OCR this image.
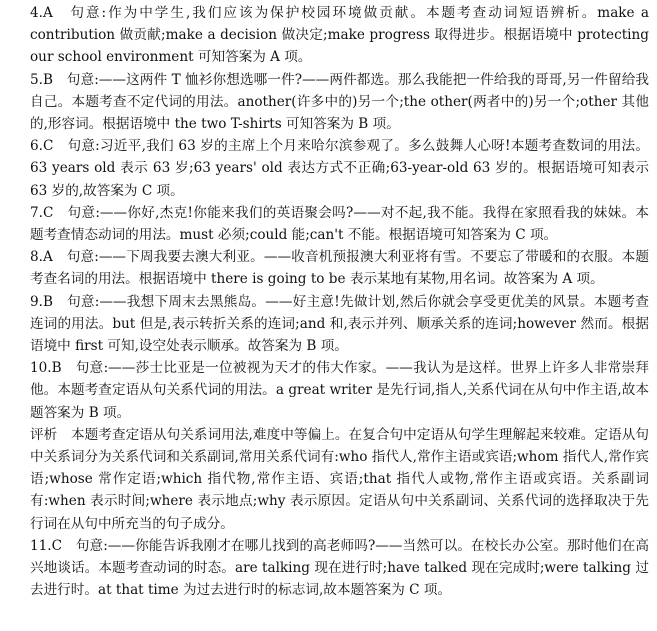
4.A　句意:作为中学生,我们应该为保护校园环境做贡献。本题考查动词短语辨析。make a contribution 做贡献;make a decision 做决定;make progress 取得进步。根据语境中 protecting our school environment 可知答案为 A 项。

5.B　句意:——这两件 T 恤衫你想选哪一件?——两件都选。那么我能把一件给我的哥哥,另一件留给我自己。本题考查不定代词的用法。another(许多中的)另一个;the other(两者中的)另一个;other 其他的,形容词。根据语境中 the two T-shirts 可知答案为 B 项。

6.C　句意:习近平,我们 63 岁的主席上个月来哈尔滨参观了。多么鼓舞人心呀!本题考查数词的用法。63 years old 表示 63 岁;63 years' old 表达方式不正确;63-year-old 63 岁的。根据语境可知表示 63 岁的,故答案为 C 项。

7.C　句意:——你好,杰克!你能来我们的英语聚会吗?——对不起,我不能。我得在家照看我的妹妹。本题考查情态动词的用法。must 必须;could 能;can't 不能。根据语境可知答案为 C 项。

8.A　句意:——下周我要去澳大利亚。——收音机预报澳大利亚将有雪。不要忘了带暖和的衣服。本题考查名词的用法。根据语境中 there is going to be 表示某地有某物,用名词。故答案为 A 项。

9.B　句意:——我想下周末去黑熊岛。——好主意!先做计划,然后你就会享受更优美的风景。本题考查连词的用法。but 但是,表示转折关系的连词;and 和,表示并列、顺承关系的连词;however 然而。根据语境中 first 可知,设空处表示顺承。故答案为 B 项。

10.B　句意:——莎士比亚是一位被视为天才的伟大作家。——我认为是这样。世界上许多人非常崇拜他。本题考查定语从句关系代词的用法。a great writer 是先行词,指人,关系代词在从句中作主语,故本题答案为 B 项。

评析　本题考查定语从句关系词用法,难度中等偏上。在复合句中定语从句学生理解起来较难。定语从句中关系词分为关系代词和关系副词,常用关系代词有:who 指代人,常作主语或宾语;whom 指代人,常作宾语;whose 常作定语;which 指代物,常作主语、宾语;that 指代人或物,常作主语或宾语。关系副词有:when 表示时间;where 表示地点;why 表示原因。定语从句中关系副词、关系代词的选择取决于先行词在从句中所充当的句子成分。

11.C　句意:——你能告诉我刚才在哪儿找到的高老师吗?——当然可以。在校长办公室。那时他们在高兴地谈话。本题考查动词的时态。are talking 现在进行时;have talked 现在完成时;were talking 过去进行时。at that time 为过去进行时的标志词,故本题答案为 C 项。
